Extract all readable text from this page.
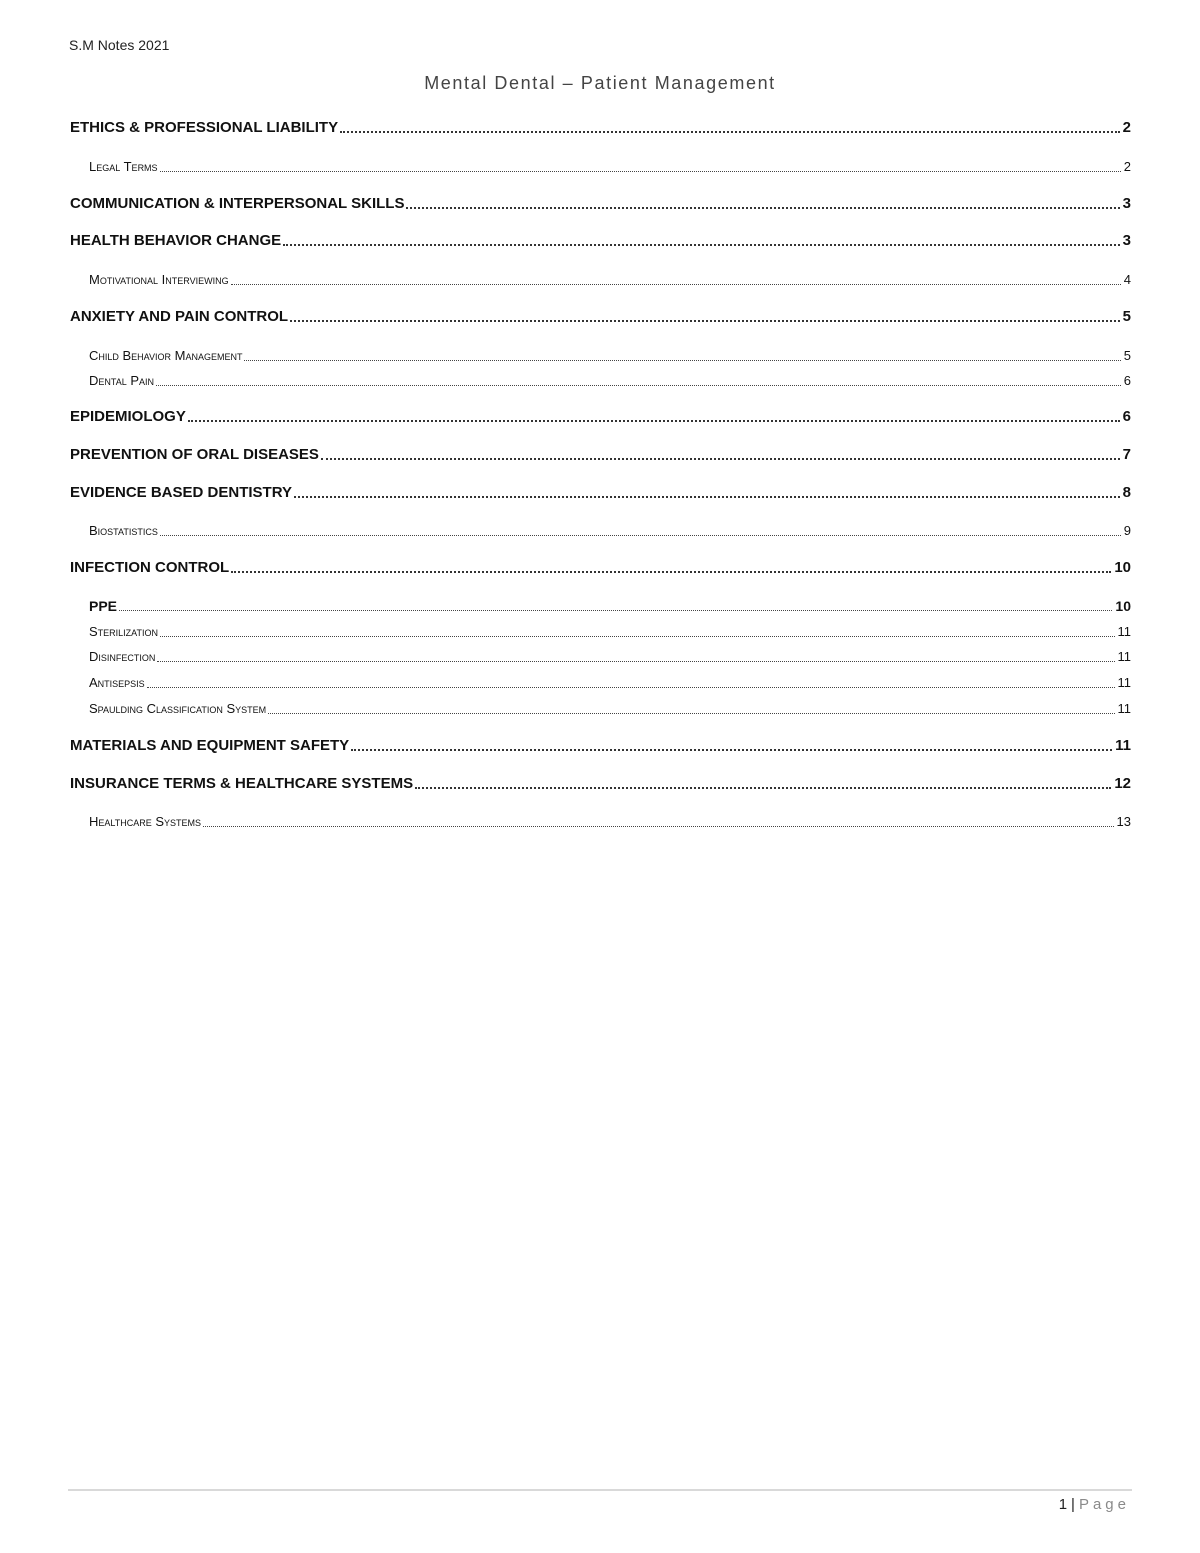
S.M Notes 2021
Mental Dental – Patient Management
ETHICS & PROFESSIONAL LIABILITY	2
Legal Terms	2
COMMUNICATION & INTERPERSONAL SKILLS	3
HEALTH BEHAVIOR CHANGE	3
Motivational Interviewing	4
ANXIETY AND PAIN CONTROL	5
Child Behavior Management	5
Dental Pain	6
EPIDEMIOLOGY	6
PREVENTION OF ORAL DISEASES	7
EVIDENCE BASED DENTISTRY	8
Biostatistics	9
INFECTION CONTROL	10
PPE	10
Sterilization	11
Disinfection	11
Antisepsis	11
Spaulding Classification System	11
MATERIALS AND EQUIPMENT SAFETY	11
INSURANCE TERMS & HEALTHCARE SYSTEMS	12
Healthcare Systems	13
1 | Page
